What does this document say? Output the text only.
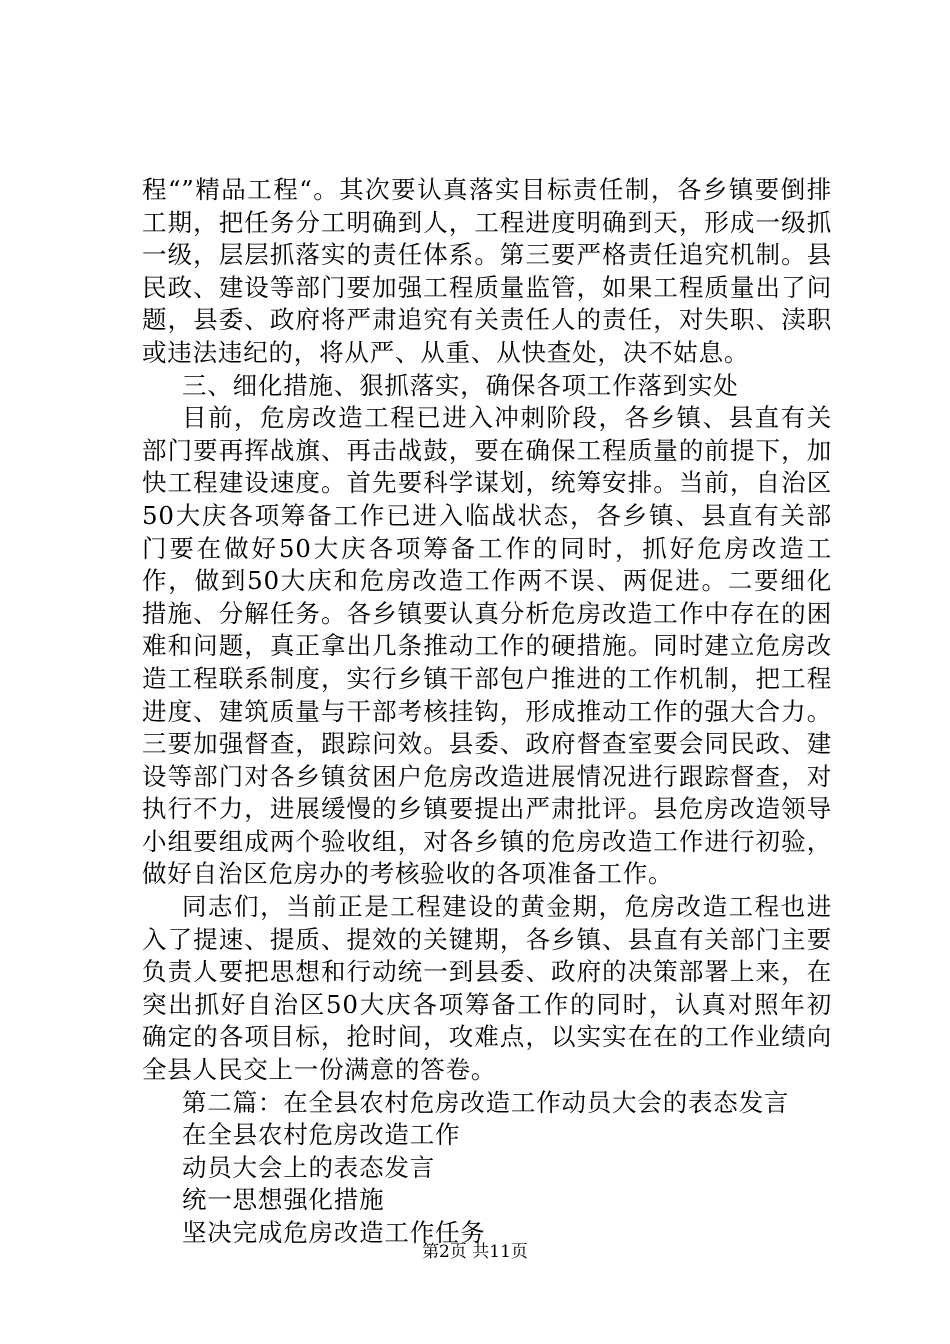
程“”精品工程“。其次要认真落实目标责任制，各乡镇要倒排工期，把任务分工明确到人，工程进度明确到天，形成一级抓一级，层层抓落实的责任体系。第三要严格责任追究机制。县民政、建设等部门要加强工程质量监管，如果工程质量出了问题，县委、政府将严肃追究有关责任人的责任，对失职、渎职或违法违纪的，将从严、从重、从快查处，决不姑息。

三、细化措施、狠抓落实，确保各项工作落到实处

目前，危房改造工程已进入冲刺阶段，各乡镇、县直有关部门要再挥战旗、再击战鼓，要在确保工程质量的前提下，加快工程建设速度。首先要科学谋划，统筹安排。当前，自治区50大庆各项筹备工作已进入临战状态，各乡镇、县直有关部门要在做好50大庆各项筹备工作的同时，抓好危房改造工作，做到50大庆和危房改造工作两不误、两促进。二要细化措施、分解任务。各乡镇要认真分析危房改造工作中存在的困难和问题，真正拿出几条推动工作的硬措施。同时建立危房改造工程联系制度，实行乡镇干部包户推进的工作机制，把工程进度、建筑质量与干部考核挂钩，形成推动工作的强大合力。三要加强督查，跟踪问效。县委、政府督查室要会同民政、建设等部门对各乡镇贫困户危房改造进展情况进行跟踪督查，对执行不力，进展缓慢的乡镇要提出严肃批评。县危房改造领导小组要组成两个验收组，对各乡镇的危房改造工作进行初验，做好自治区危房办的考核验收的各项准备工作。

同志们，当前正是工程建设的黄金期，危房改造工程也进入了提速、提质、提效的关键期，各乡镇、县直有关部门主要负责人要把思想和行动统一到县委、政府的决策部署上来，在突出抓好自治区50大庆各项筹备工作的同时，认真对照年初确定的各项目标，抢时间，攻难点，以实实在在的工作业绩向全县人民交上一份满意的答卷。

第二篇：在全县农村危房改造工作动员大会的表态发言

在全县农村危房改造工作

动员大会上的表态发言

统一思想强化措施

坚决完成危房改造工作任务

第2页 共11页
